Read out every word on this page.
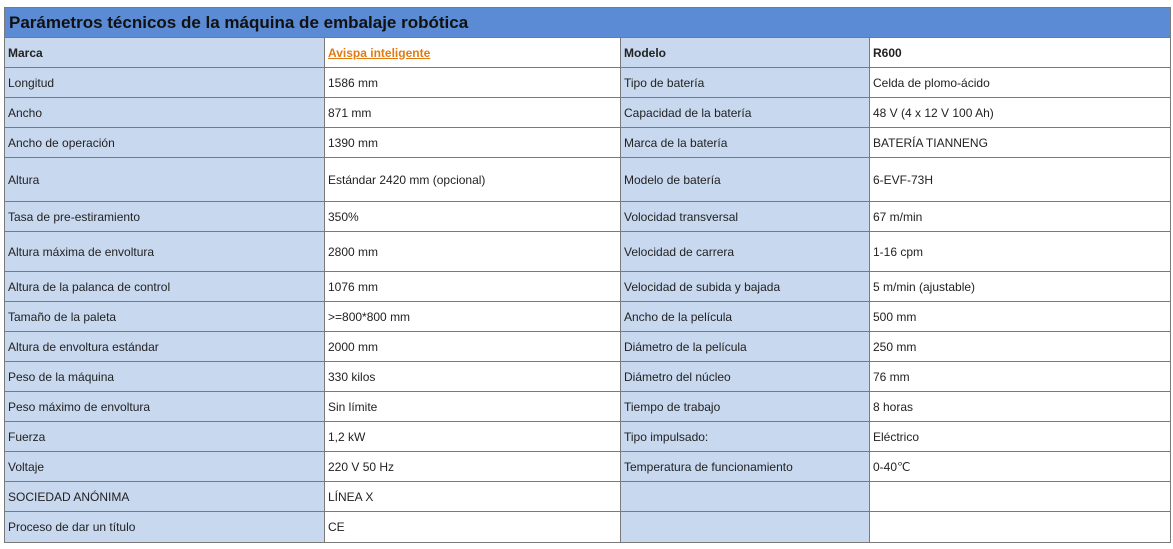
Parámetros técnicos de la máquina de embalaje robótica			
Marca	Avispa inteligente	Modelo	R600
Longitud	1586 mm	Tipo de batería	Celda de plomo-ácido
Ancho	871 mm	Capacidad de la batería	48 V (4 x 12 V 100 Ah)
Ancho de operación	1390 mm	Marca de la batería	BATERÍA TIANNENG
Altura	Estándar 2420 mm (opcional)	Modelo de batería	6-EVF-73H
Tasa de pre-estiramiento	350%	Volocidad transversal	67 m/min
Altura máxima de envoltura	2800 mm	Velocidad de carrera	1-16 cpm
Altura de la palanca de control	1076 mm	Velocidad de subida y bajada	5 m/min (ajustable)
Tamaño de la paleta	>=800*800 mm	Ancho de la película	500 mm
Altura de envoltura estándar	2000 mm	Diámetro de la película	250 mm
Peso de la máquina	330 kilos	Diámetro del núcleo	76 mm
Peso máximo de envoltura	Sin límite	Tiempo de trabajo	8 horas
Fuerza	1,2 kW	Tipo impulsado:	Eléctrico
Voltaje	220 V 50 Hz	Temperatura de funcionamiento	0-40℃
SOCIEDAD ANÓNIMA	LÍNEA X		
Proceso de dar un título	CE		
